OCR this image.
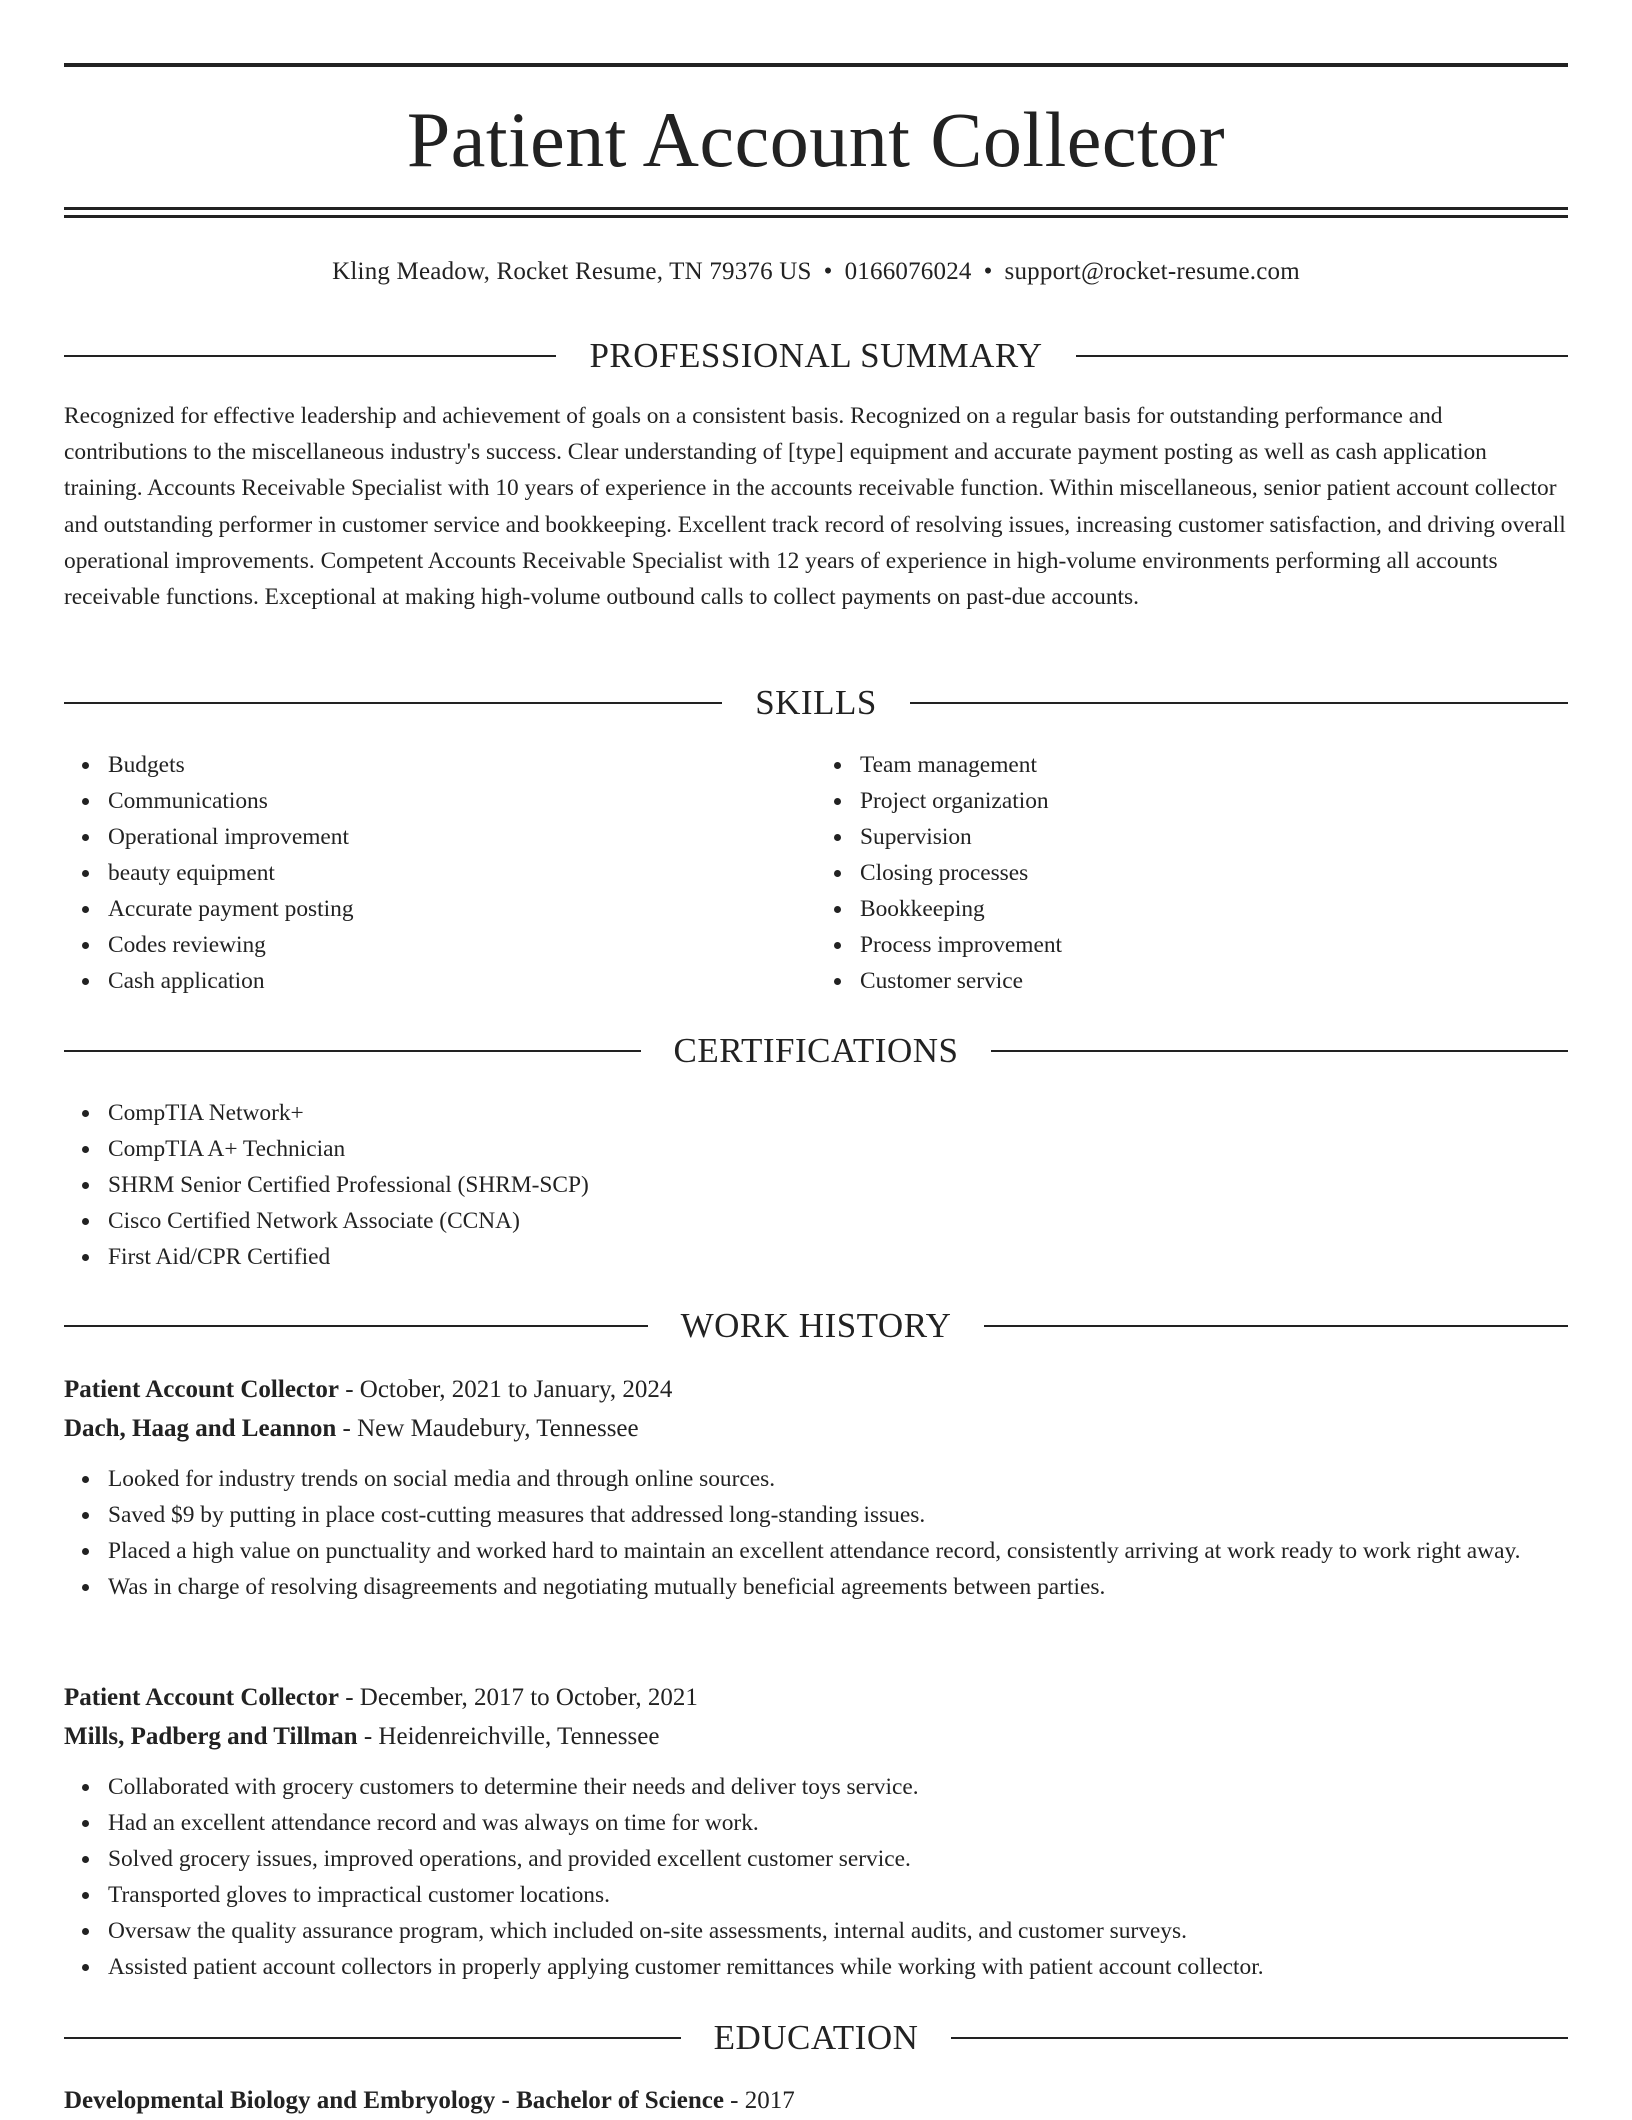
Patient Account Collector
Kling Meadow, Rocket Resume, TN 79376 US • 0166076024 • support@rocket-resume.com
PROFESSIONAL SUMMARY

Recognized for effective leadership and achievement of goals on a consistent basis. Recognized on a regular basis for outstanding performance and contributions to the miscellaneous industry's success. Clear understanding of [type] equipment and accurate payment posting as well as cash application training. Accounts Receivable Specialist with 10 years of experience in the accounts receivable function. Within miscellaneous, senior patient account collector and outstanding performer in customer service and bookkeeping. Excellent track record of resolving issues, increasing customer satisfaction, and driving overall operational improvements. Competent Accounts Receivable Specialist with 12 years of experience in high-volume environments performing all accounts receivable functions. Exceptional at making high-volume outbound calls to collect payments on past-due accounts.

SKILLS
Budgets
Communications
Operational improvement
beauty equipment
Accurate payment posting
Codes reviewing
Cash application
Team management
Project organization
Supervision
Closing processes
Bookkeeping
Process improvement
Customer service
CERTIFICATIONS
CompTIA Network+
CompTIA A+ Technician
SHRM Senior Certified Professional (SHRM-SCP)
Cisco Certified Network Associate (CCNA)
First Aid/CPR Certified
WORK HISTORY
Patient Account Collector - October, 2021 to January, 2024
Dach, Haag and Leannon - New Maudebury, Tennessee
Looked for industry trends on social media and through online sources.
Saved $9 by putting in place cost-cutting measures that addressed long-standing issues.
Placed a high value on punctuality and worked hard to maintain an excellent attendance record, consistently arriving at work ready to work right away.
Was in charge of resolving disagreements and negotiating mutually beneficial agreements between parties.
Patient Account Collector - December, 2017 to October, 2021
Mills, Padberg and Tillman - Heidenreichville, Tennessee
Collaborated with grocery customers to determine their needs and deliver toys service.
Had an excellent attendance record and was always on time for work.
Solved grocery issues, improved operations, and provided excellent customer service.
Transported gloves to impractical customer locations.
Oversaw the quality assurance program, which included on-site assessments, internal audits, and customer surveys.
Assisted patient account collectors in properly applying customer remittances while working with patient account collector.
EDUCATION
Developmental Biology and Embryology - Bachelor of Science - 2017
